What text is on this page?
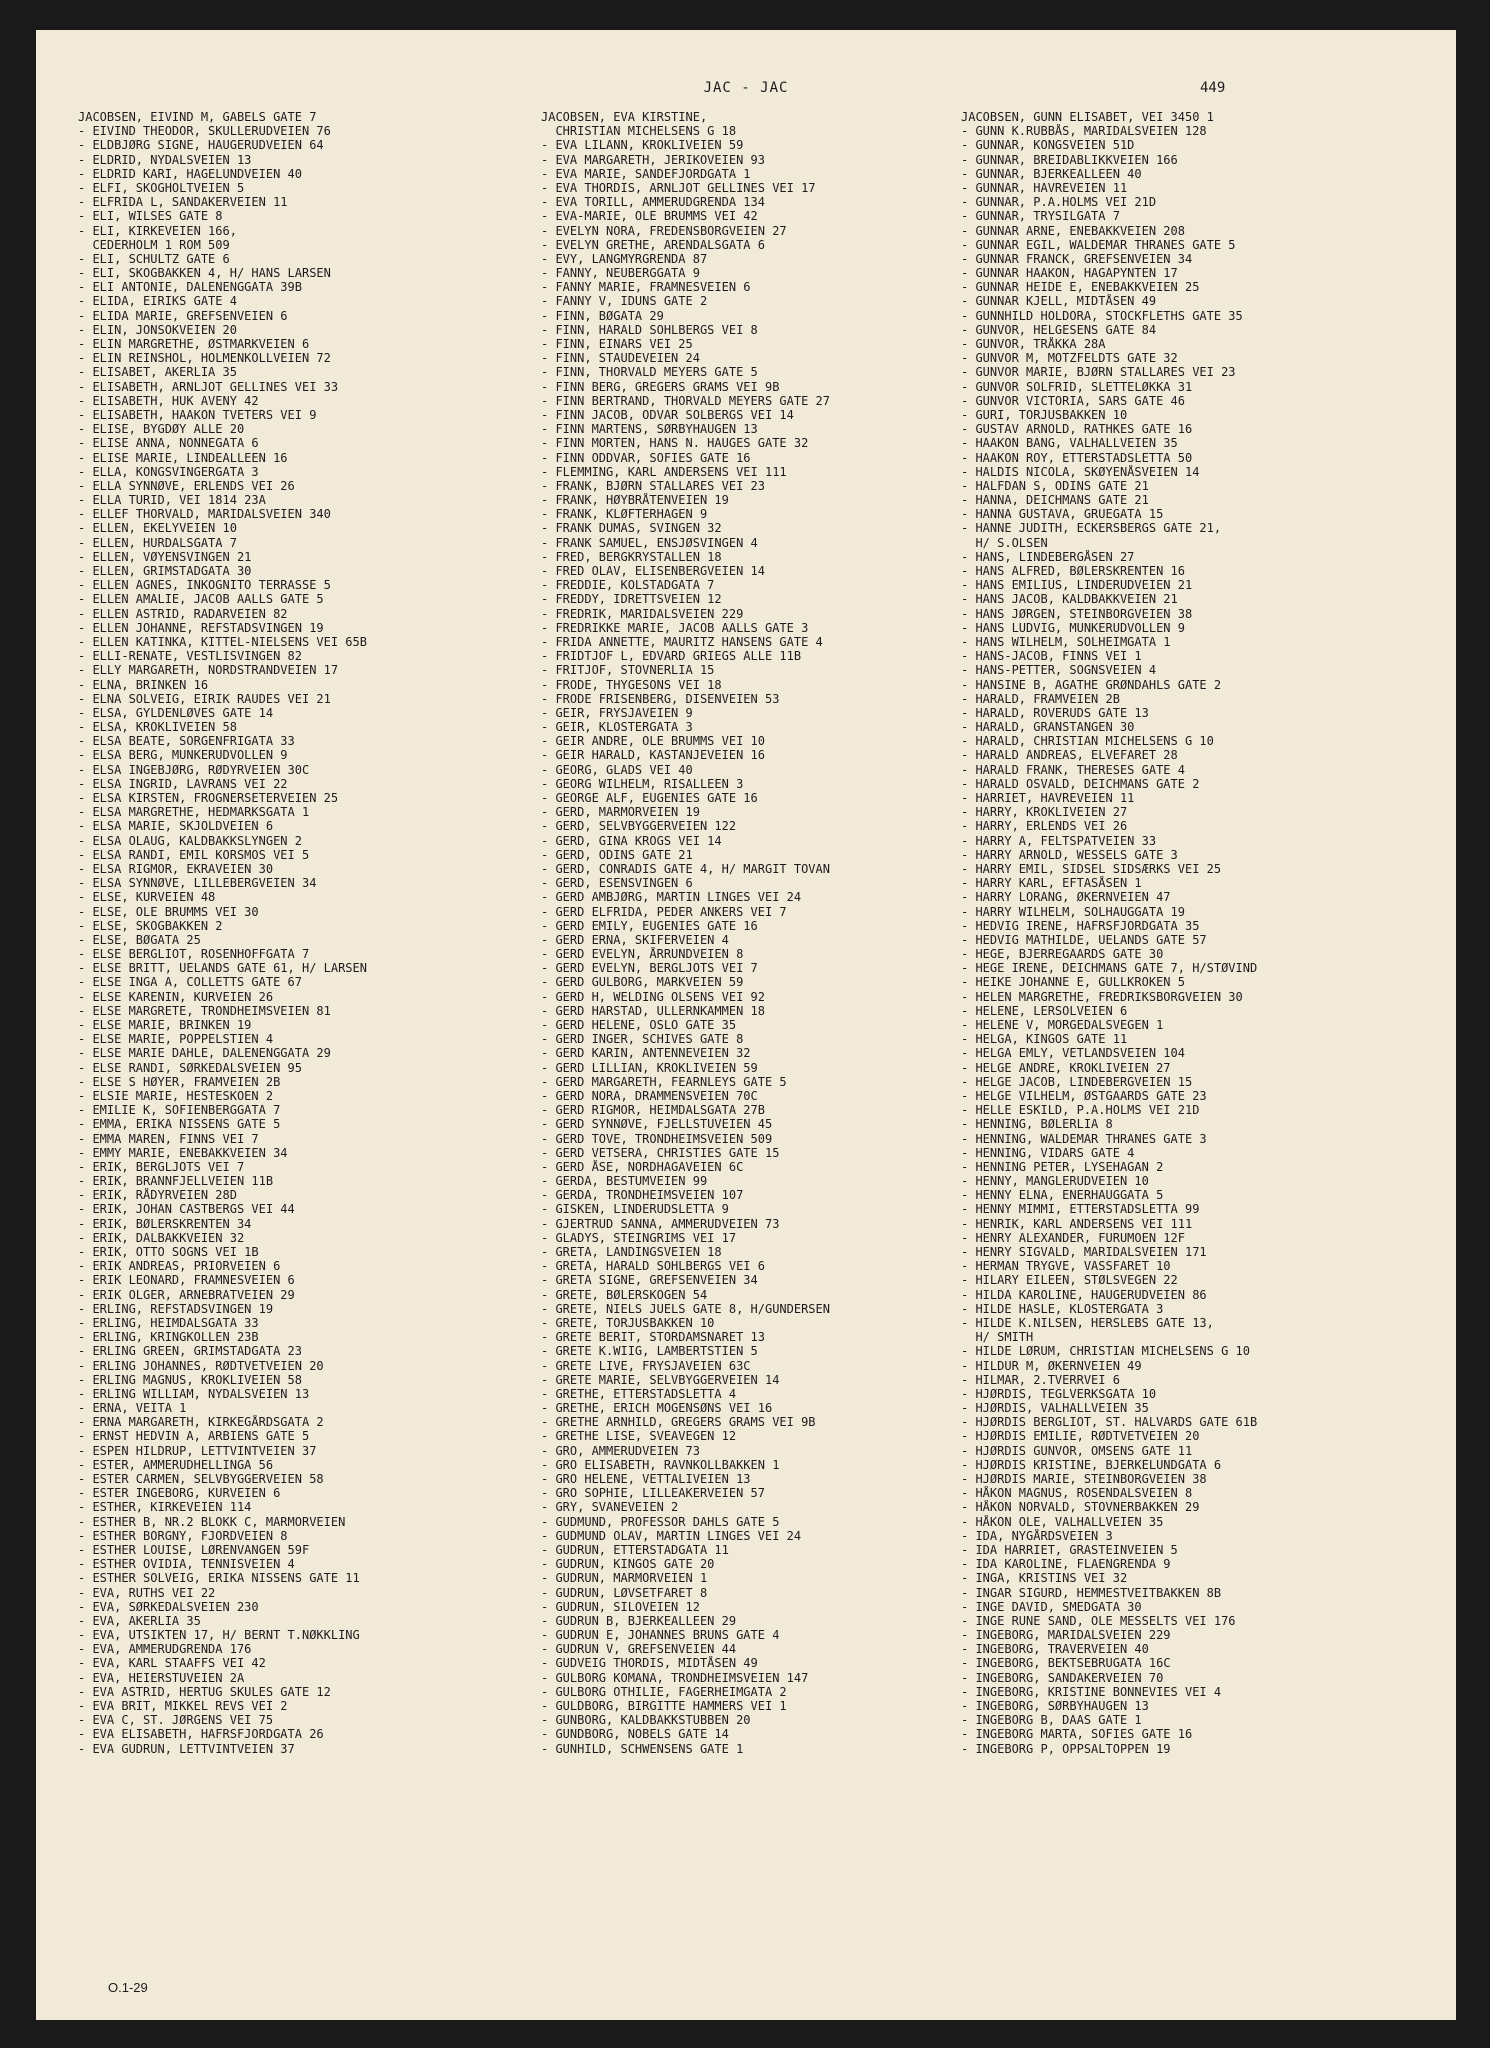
JAC - JAC	449
JACOBSEN, EIVIND M, GABELS GATE 7
- EIVIND THEODOR, SKULLERUDVEIEN 76
- ELDBJØRG SIGNE, HAUGERUDVEIEN 64
- ELDRID, NYDALSVEIEN 13
- ELDRID KARI, HAGELUNDVEIEN 40
- ELFI, SKOGHOLTVEIEN 5
- ELFRIDA L, SANDAKERVEIEN 11
- ELI, WILSES GATE 8
- ELI, KIRKEVEIEN 166,
CEDERHOLM 1 ROM 509
- ELI, SCHULTZ GATE 6
- ELI, SKOGBAKKEN 4, H/ HANS LARSEN
- ELI ANTONIE, DALENENGGATA 39B
- ELIDA, EIRIKS GATE 4
- ELIDA MARIE, GREFSENVEIEN 6
- ELIN, JONSOKVEIEN 20
- ELIN MARGRETHE, ØSTMARKVEIEN 6
- ELIN REINSHOL, HOLMENKOLLVEIEN 72
- ELISABET, AKERLIA 35
- ELISABETH, ARNLJOT GELLINES VEI 33
- ELISABETH, HUK AVENY 42
- ELISABETH, HAAKON TVETERS VEI 9
- ELISE, BYGDØY ALLE 20
- ELISE ANNA, NONNEGATA 6
- ELISE MARIE, LINDEALLEEN 16
- ELLA, KONGSVINGERGATA 3
- ELLA SYNNØVE, ERLENDS VEI 26
- ELLA TURID, VEI 1814 23A
- ELLEF THORVALD, MARIDALSVEIEN 340
- ELLEN, EKELYVEIEN 10
- ELLEN, HURDALSGATA 7
- ELLEN, VØYENSVINGEN 21
- ELLEN, GRIMSTADGATA 30
- ELLEN AGNES, INKOGNITO TERRASSE 5
- ELLEN AMALIE, JACOB AALLS GATE 5
- ELLEN ASTRID, RADARVEIEN 82
- ELLEN JOHANNE, REFSTADSVINGEN 19
- ELLEN KATINKA, KITTEL-NIELSENS VEI 65B
- ELLI-RENATE, VESTLISVINGEN 82
- ELLY MARGARETH, NORDSTRANDVEIEN 17
- ELNA, BRINKEN 16
- ELNA SOLVEIG, EIRIK RAUDES VEI 21
- ELSA, GYLDENLØVES GATE 14
- ELSA, KROKLIVEIEN 58
- ELSA BEATE, SORGENFRIGATA 33
- ELSA BERG, MUNKERUDVOLLEN 9
- ELSA INGEBJØRG, RØDYRVEIEN 30C
- ELSA INGRID, LAVRANS VEI 22
- ELSA KIRSTEN, FROGNERSETERVEIEN 25
- ELSA MARGRETHE, HEDMARKSGATA 1
- ELSA MARIE, SKJOLDVEIEN 6
- ELSA OLAUG, KALDBAKKSLYNGEN 2
- ELSA RANDI, EMIL KORSMOS VEI 5
- ELSA RIGMOR, EKRAVEIEN 30
- ELSA SYNNØVE, LILLEBERGVEIEN 34
- ELSE, KURVEIEN 48
- ELSE, OLE BRUMMS VEI 30
- ELSE, SKOGBAKKEN 2
- ELSE, BØGATA 25
- ELSE BERGLIOT, ROSENHOFFGATA 7
- ELSE BRITT, UELANDS GATE 61, H/ LARSEN
- ELSE INGA A, COLLETTS GATE 67
- ELSE KARENIN, KURVEIEN 26
- ELSE MARGRETE, TRONDHEIMSVEIEN 81
- ELSE MARIE, BRINKEN 19
- ELSE MARIE, POPPELSTIEN 4
- ELSE MARIE DAHLE, DALENENGGATA 29
- ELSE RANDI, SØRKEDALSVEIEN 95
- ELSE S HØYER, FRAMVEIEN 2B
- ELSIE MARIE, HESTESKOEN 2
- EMILIE K, SOFIENBERGGATA 7
- EMMA, ERIKA NISSENS GATE 5
- EMMA MAREN, FINNS VEI 7
- EMMY MARIE, ENEBAKKVEIEN 34
- ERIK, BERGLJOTS VEI 7
- ERIK, BRANNFJELLVEIEN 11B
- ERIK, RÅDYRVEIEN 28D
- ERIK, JOHAN CASTBERGS VEI 44
- ERIK, BØLERSKRENTEN 34
- ERIK, DALBAKKVEIEN 32
- ERIK, OTTO SOGNS VEI 1B
- ERIK ANDREAS, PRIORVEIEN 6
- ERIK LEONARD, FRAMNESVEIEN 6
- ERIK OLGER, ARNEBRATVEIEN 29
- ERLING, REFSTADSVINGEN 19
- ERLING, HEIMDALSGATA 33
- ERLING, KRINGKOLLEN 23B
- ERLING GREEN, GRIMSTADGATA 23
- ERLING JOHANNES, RØDTVETVEIEN 20
- ERLING MAGNUS, KROKLIVEIEN 58
- ERLING WILLIAM, NYDALSVEIEN 13
- ERNA, VEITA 1
- ERNA MARGARETH, KIRKEGÅRDSGATA 2
- ERNST HEDVIN A, ARBIENS GATE 5
- ESPEN HILDRUP, LETTVINTVEIEN 37
- ESTER, AMMERUDHELLINGA 56
- ESTER CARMEN, SELVBYGGERVEIEN 58
- ESTER INGEBORG, KURVEIEN 6
- ESTHER, KIRKEVEIEN 114
- ESTHER B, NR.2 BLOKK C, MARMORVEIEN
- ESTHER BORGNY, FJORDVEIEN 8
- ESTHER LOUISE, LØRENVANGEN 59F
- ESTHER OVIDIA, TENNISVEIEN 4
- ESTHER SOLVEIG, ERIKA NISSENS GATE 11
- EVA, RUTHS VEI 22
- EVA, SØRKEDALSVEIEN 230
- EVA, AKERLIA 35
- EVA, UTSIKTEN 17, H/ BERNT T.NØKKLING
- EVA, AMMERUDGRENDA 176
- EVA, KARL STAAFFS VEI 42
- EVA, HEIERSTUVEIEN 2A
- EVA ASTRID, HERTUG SKULES GATE 12
- EVA BRIT, MIKKEL REVS VEI 2
- EVA C, ST. JØRGENS VEI 75
- EVA ELISABETH, HAFRSFJORDGATA 26
- EVA GUDRUN, LETTVINTVEIEN 37
JACOBSEN, EVA KIRSTINE,
CHRISTIAN MICHELSENS G 18
- EVA LILANN, KROKLIVEIEN 59
- EVA MARGARETH, JERIKOVEIEN 93
- EVA MARIE, SANDEFJORDGATA 1
- EVA THORDIS, ARNLJOT GELLINES VEI 17
- EVA TORILL, AMMERUDGRENDA 134
- EVA-MARIE, OLE BRUMMS VEI 42
- EVELYN NORA, FREDENSBORGVEIEN 27
- EVELYN GRETHE, ARENDALSGATA 6
- EVY, LANGMYRGRENDA 87
- FANNY, NEUBERGGATA 9
- FANNY MARIE, FRAMNESVEIEN 6
- FANNY V, IDUNS GATE 2
- FINN, BØGATA 29
- FINN, HARALD SOHLBERGS VEI 8
- FINN, EINARS VEI 25
- FINN, STAUDEVEIEN 24
- FINN, THORVALD MEYERS GATE 5
- FINN BERG, GREGERS GRAMS VEI 9B
- FINN BERTRAND, THORVALD MEYERS GATE 27
- FINN JACOB, ODVAR SOLBERGS VEI 14
- FINN MARTENS, SØRBYHAUGEN 13
- FINN MORTEN, HANS N. HAUGES GATE 32
- FINN ODDVAR, SOFIES GATE 16
- FLEMMING, KARL ANDERSENS VEI 111
- FRANK, BJØRN STALLARES VEI 23
- FRANK, HØYBRÅTENVEIEN 19
- FRANK, KLØFTERHAGEN 9
- FRANK DUMAS, SVINGEN 32
- FRANK SAMUEL, ENSJØSVINGEN 4
- FRED, BERGKRYSTALLEN 18
- FRED OLAV, ELISENBERGVEIEN 14
- FREDDIE, KOLSTADGATA 7
- FREDDY, IDRETTSVEIEN 12
- FREDRIK, MARIDALSVEIEN 229
- FREDRIKKE MARIE, JACOB AALLS GATE 3
- FRIDA ANNETTE, MAURITZ HANSENS GATE 4
- FRIDTJOF L, EDVARD GRIEGS ALLE 11B
- FRITJOF, STOVNERLIA 15
- FRODE, THYGESONS VEI 18
- FRODE FRISENBERG, DISENVEIEN 53
- GEIR, FRYSJAVEIEN 9
- GEIR, KLOSTERGATA 3
- GEIR ANDRE, OLE BRUMMS VEI 10
- GEIR HARALD, KASTANJEVEIEN 16
- GEORG, GLADS VEI 40
- GEORG WILHELM, RISALLEEN 3
- GEORGE ALF, EUGENIES GATE 16
- GERD, MARMORVEIEN 19
- GERD, SELVBYGGERVEIEN 122
- GERD, GINA KROGS VEI 14
- GERD, ODINS GATE 21
- GERD, CONRADIS GATE 4, H/ MARGIT TOVAN
- GERD, ESENSVINGEN 6
- GERD AMBJØRG, MARTIN LINGES VEI 24
- GERD ELFRIDA, PEDER ANKERS VEI 7
- GERD EMILY, EUGENIES GATE 16
- GERD ERNA, SKIFERVEIEN 4
- GERD EVELYN, ÅRRUNDVEIEN 8
- GERD EVELYN, BERGLJOTS VEI 7
- GERD GULBORG, MARKVEIEN 59
- GERD H, WELDING OLSENS VEI 92
- GERD HARSTAD, ULLERNKAMMEN 18
- GERD HELENE, OSLO GATE 35
- GERD INGER, SCHIVES GATE 8
- GERD KARIN, ANTENNEVEIEN 32
- GERD LILLIAN, KROKLIVEIEN 59
- GERD MARGARETH, FEARNLEYS GATE 5
- GERD NORA, DRAMMENSVEIEN 70C
- GERD RIGMOR, HEIMDALSGATA 27B
- GERD SYNNØVE, FJELLSTUVEIEN 45
- GERD TOVE, TRONDHEIMSVEIEN 509
- GERD VETSERA, CHRISTIES GATE 15
- GERD ÅSE, NORDHAGAVEIEN 6C
- GERDA, BESTUMVEIEN 99
- GERDA, TRONDHEIMSVEIEN 107
- GISKEN, LINDERUDSLETTA 9
- GJERTRUD SANNA, AMMERUDVEIEN 73
- GLADYS, STEINGRIMS VEI 17
- GRETA, LANDINGSVEIEN 18
- GRETA, HARALD SOHLBERGS VEI 6
- GRETA SIGNE, GREFSENVEIEN 34
- GRETE, BØLERSKOGEN 54
- GRETE, NIELS JUELS GATE 8, H/GUNDERSEN
- GRETE, TORJUSBAKKEN 10
- GRETE BERIT, STORDAMSNARET 13
- GRETE K.WIIG, LAMBERTSTIEN 5
- GRETE LIVE, FRYSJAVEIEN 63C
- GRETE MARIE, SELVBYGGERVEIEN 14
- GRETHE, ETTERSTADSLETTA 4
- GRETHE, ERICH MOGENSØNS VEI 16
- GRETHE ARNHILD, GREGERS GRAMS VEI 9B
- GRETHE LISE, SVEAVEGEN 12
- GRO, AMMERUDVEIEN 73
- GRO ELISABETH, RAVNKOLLBAKKEN 1
- GRO HELENE, VETTALIVEIEN 13
- GRO SOPHIE, LILLEAKERVEIEN 57
- GRY, SVANEVEIEN 2
- GUDMUND, PROFESSOR DAHLS GATE 5
- GUDMUND OLAV, MARTIN LINGES VEI 24
- GUDRUN, ETTERSTADGATA 11
- GUDRUN, KINGOS GATE 20
- GUDRUN, MARMORVEIEN 1
- GUDRUN, LØVSETFARET 8
- GUDRUN, SILOVEIEN 12
- GUDRUN B, BJERKEALLEEN 29
- GUDRUN E, JOHANNES BRUNS GATE 4
- GUDRUN V, GREFSENVEIEN 44
- GUDVEIG THORDIS, MIDTÅSEN 49
- GULBORG KOMANA, TRONDHEIMSVEIEN 147
- GULBORG OTHILIE, FAGERHEIMGATA 2
- GULDBORG, BIRGITTE HAMMERS VEI 1
- GUNBORG, KALDBAKKSTUBBEN 20
- GUNDBORG, NOBELS GATE 14
- GUNHILD, SCHWENSENS GATE 1
JACOBSEN, GUNN ELISABET, VEI 3450 1
- GUNN K.RUBBÅS, MARIDALSVEIEN 128
- GUNNAR, KONGSVEIEN 51D
- GUNNAR, BREIDABLIKKVEIEN 166
- GUNNAR, BJERKEALLEEN 40
- GUNNAR, HAVREVEIEN 11
- GUNNAR, P.A.HOLMS VEI 21D
- GUNNAR, TRYSILGATA 7
- GUNNAR ARNE, ENEBAKKVEIEN 208
- GUNNAR EGIL, WALDEMAR THRANES GATE 5
- GUNNAR FRANCK, GREFSENVEIEN 34
- GUNNAR HAAKON, HAGAPYNTEN 17
- GUNNAR HEIDE E, ENEBAKKVEIEN 25
- GUNNAR KJELL, MIDTÅSEN 49
- GUNNHILD HOLDORA, STOCKFLETHS GATE 35
- GUNVOR, HELGESENS GATE 84
- GUNVOR, TRÅKKA 28A
- GUNVOR M, MOTZFELDTS GATE 32
- GUNVOR MARIE, BJØRN STALLARES VEI 23
- GUNVOR SOLFRID, SLETTELØKKA 31
- GUNVOR VICTORIA, SARS GATE 46
- GURI, TORJUSBAKKEN 10
- GUSTAV ARNOLD, RATHKES GATE 16
- HAAKON BANG, VALHALLVEIEN 35
- HAAKON ROY, ETTERSTADSLETTA 50
- HALDIS NICOLA, SKØYENÅSVEIEN 14
- HALFDAN S, ODINS GATE 21
- HANNA, DEICHMANS GATE 21
- HANNA GUSTAVA, GRUEGATA 15
- HANNE JUDITH, ECKERSBERGS GATE 21,
H/ S.OLSEN
- HANS, LINDEBERGÅSEN 27
- HANS ALFRED, BØLERSKRENTEN 16
- HANS EMILIUS, LINDERUDVEIEN 21
- HANS JACOB, KALDBAKKVEIEN 21
- HANS JØRGEN, STEINBORGVEIEN 38
- HANS LUDVIG, MUNKERUDVOLLEN 9
- HANS WILHELM, SOLHEIMGATA 1
- HANS-JACOB, FINNS VEI 1
- HANS-PETTER, SOGNSVEIEN 4
- HANSINE B, AGATHE GRØNDAHLS GATE 2
- HARALD, FRAMVEIEN 2B
- HARALD, ROVERUDS GATE 13
- HARALD, GRANSTANGEN 30
- HARALD, CHRISTIAN MICHELSENS G 10
- HARALD ANDREAS, ELVEFARET 28
- HARALD FRANK, THERESES GATE 4
- HARALD OSVALD, DEICHMANS GATE 2
- HARRIET, HAVREVEIEN 11
- HARRY, KROKLIVEIEN 27
- HARRY, ERLENDS VEI 26
- HARRY A, FELTSPATVEIEN 33
- HARRY ARNOLD, WESSELS GATE 3
- HARRY EMIL, SIDSEL SIDSÆRKS VEI 25
- HARRY KARL, EFTASÅSEN 1
- HARRY LORANG, ØKERNVEIEN 47
- HARRY WILHELM, SOLHAUGGATA 19
- HEDVIG IRENE, HAFRSFJORDGATA 35
- HEDVIG MATHILDE, UELANDS GATE 57
- HEGE, BJERREGAARDS GATE 30
- HEGE IRENE, DEICHMANS GATE 7, H/STØVIND
- HEIKE JOHANNE E, GULLKROKEN 5
- HELEN MARGRETHE, FREDRIKSBORGVEIEN 30
- HELENE, LERSOLVEIEN 6
- HELENE V, MORGEDALSVEGEN 1
- HELGA, KINGOS GATE 11
- HELGA EMLY, VETLANDSVEIEN 104
- HELGE ANDRE, KROKLIVEIEN 27
- HELGE JACOB, LINDEBERGVEIEN 15
- HELGE VILHELM, ØSTGAARDS GATE 23
- HELLE ESKILD, P.A.HOLMS VEI 21D
- HENNING, BØLERLIA 8
- HENNING, WALDEMAR THRANES GATE 3
- HENNING, VIDARS GATE 4
- HENNING PETER, LYSEHAGAN 2
- HENNY, MANGLERUDVEIEN 10
- HENNY ELNA, ENERHAUGGATA 5
- HENNY MIMMI, ETTERSTADSLETTA 99
- HENRIK, KARL ANDERSENS VEI 111
- HENRY ALEXANDER, FURUMOEN 12F
- HENRY SIGVALD, MARIDALSVEIEN 171
- HERMAN TRYGVE, VASSFARET 10
- HILARY EILEEN, STØLSVEGEN 22
- HILDA KAROLINE, HAUGERUDVEIEN 86
- HILDE HASLE, KLOSTERGATA 3
- HILDE K.NILSEN, HERSLEBS GATE 13,
H/ SMITH
- HILDE LØRUM, CHRISTIAN MICHELSENS G 10
- HILDUR M, ØKERNVEIEN 49
- HILMAR, 2.TVERRVEI 6
- HJØRDIS, TEGLVERKSGATA 10
- HJØRDIS, VALHALLVEIEN 35
- HJØRDIS BERGLIOT, ST. HALVARDS GATE 61B
- HJØRDIS EMILIE, RØDTVETVEIEN 20
- HJØRDIS GUNVOR, OMSENS GATE 11
- HJØRDIS KRISTINE, BJERKELUNDGATA 6
- HJØRDIS MARIE, STEINBORGVEIEN 38
- HÅKON MAGNUS, ROSENDALSVEIEN 8
- HÅKON NORVALD, STOVNERBAKKEN 29
- HÅKON OLE, VALHALLVEIEN 35
- IDA, NYGÅRDSVEIEN 3
- IDA HARRIET, GRASTEINVEIEN 5
- IDA KAROLINE, FLAENGRENDA 9
- INGA, KRISTINS VEI 32
- INGAR SIGURD, HEMMESTVEITBAKKEN 8B
- INGE DAVID, SMEDGATA 30
- INGE RUNE SAND, OLE MESSELTS VEI 176
- INGEBORG, MARIDALSVEIEN 229
- INGEBORG, TRAVERVEIEN 40
- INGEBORG, BEKTSEBRUGATA 16C
- INGEBORG, SANDAKERVEIEN 70
- INGEBORG, KRISTINE BONNEVIES VEI 4
- INGEBORG, SØRBYHAUGEN 13
- INGEBORG B, DAAS GATE 1
- INGEBORG MARTA, SOFIES GATE 16
- INGEBORG P, OPPSALTOPPEN 19
O.1-29
